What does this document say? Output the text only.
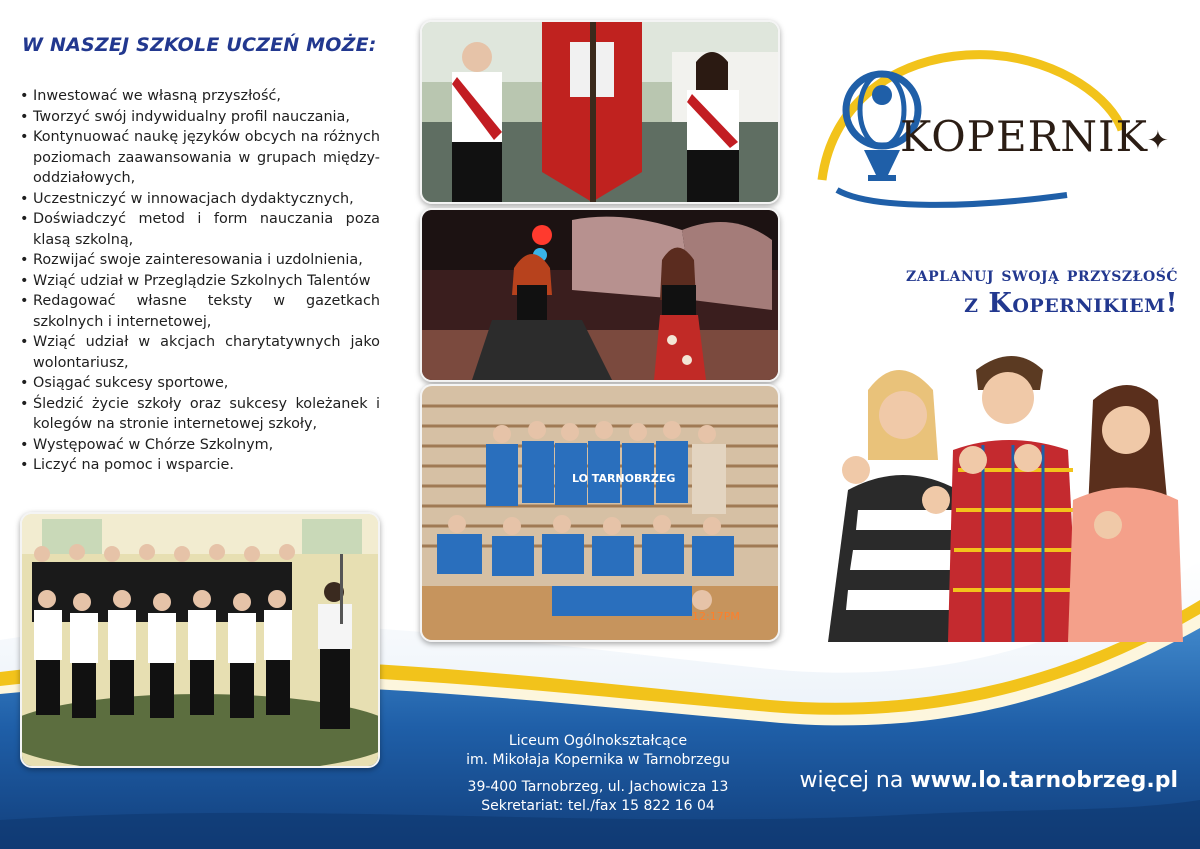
W NASZEJ SZKOLE UCZEŃ MOŻE:
• Inwestować we własną przyszłość,
• Tworzyć swój indywidualny profil nauczania,
• Kontynuować naukę języków obcych na różnych poziomach zaawansowania w grupach między-oddziałowych,
• Uczestniczyć w innowacjach dydaktycznych,
• Doświadczyć metod i form nauczania poza klasą szkolną,
• Rozwijać swoje zainteresowania i uzdolnienia,
• Wziąć udział w Przeglądzie Szkolnych Talentów
• Redagować własne teksty w gazetkach szkolnych i internetowej,
• Wziąć udział w akcjach charytatywnych jako wolontariusz,
• Osiągać sukcesy sportowe,
• Śledzić życie szkoły oraz sukcesy koleżanek i kolegów na stronie internetowej szkoły,
• Występować w Chórze Szkolnym,
• Liczyć na pomoc i wsparcie.
LO TARNOBRZEG
12:17PM
KOPERNIK ✦
zaplanuj swoją przyszłość
z Kopernikiem!

Liceum Ogólnokształcące
im. Mikołaja Kopernika w Tarnobrzegu
39-400 Tarnobrzeg, ul. Jachowicza 13
Sekretariat: tel./fax 15 822 16 04

więcej na www.lo.tarnobrzeg.pl
